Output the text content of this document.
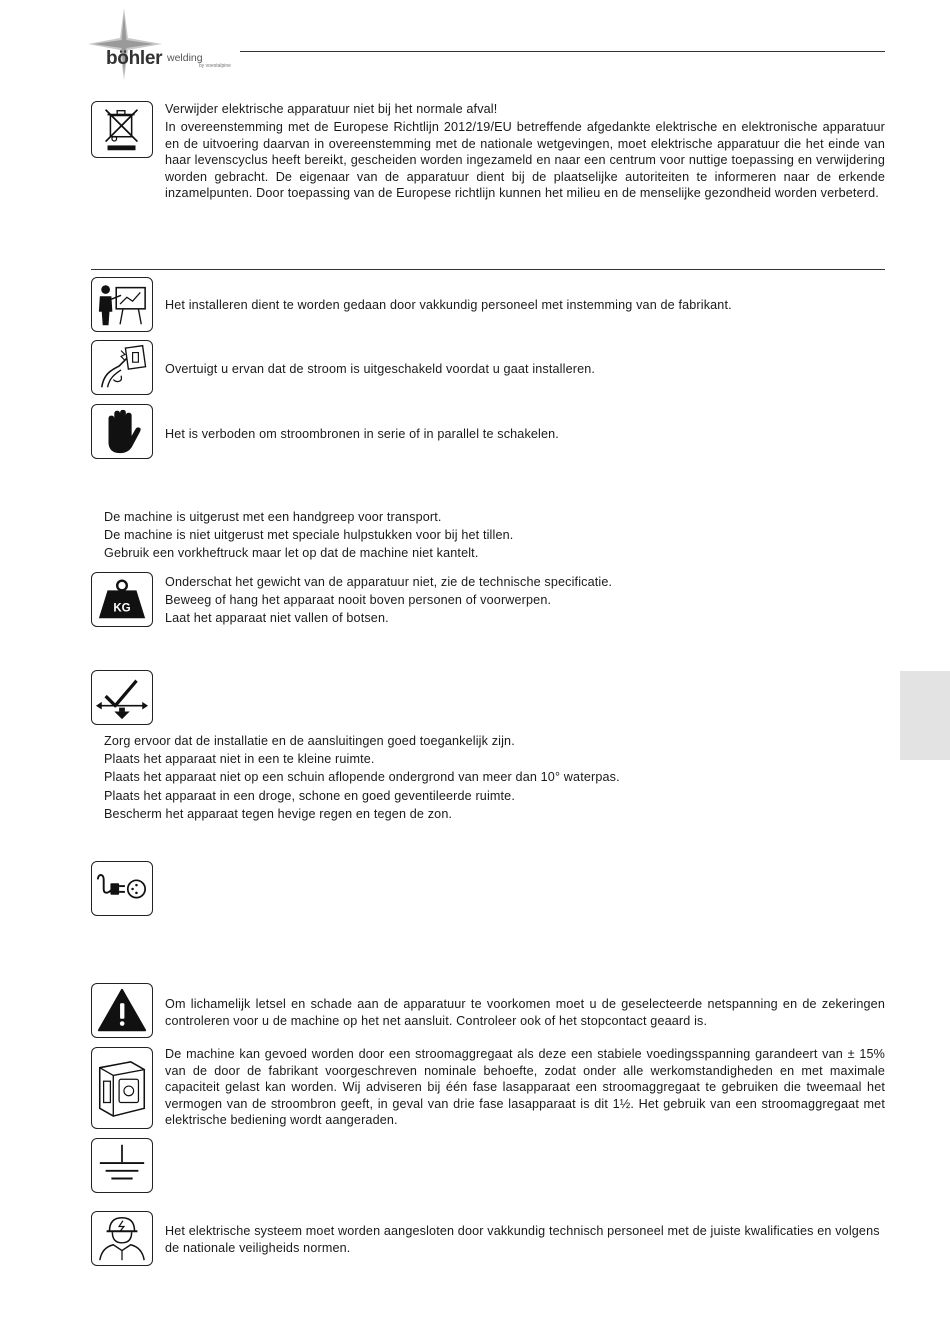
böhler welding
by voestalpine
Verwijder elektrische apparatuur niet bij het normale afval!
In overeenstemming met de Europese Richtlijn 2012/19/EU betreffende afgedankte elektrische en elektronische apparatuur en de uitvoering daarvan in overeenstemming met de nationale wetgevingen, moet elektrische apparatuur die het einde van haar levenscyclus heeft bereikt, gescheiden worden ingezameld en naar een centrum voor nuttige toepassing en verwijdering worden gebracht. De eigenaar van de apparatuur dient bij de plaatselijke autoriteiten te informeren naar de erkende inzamelpunten. Door toepassing van de Europese richtlijn kunnen het milieu en de menselijke gezondheid worden verbeterd.
Het installeren dient te worden gedaan door vakkundig personeel met instemming van de fabrikant.
Overtuigt u ervan dat de stroom is uitgeschakeld voordat u gaat installeren.
Het is verboden om stroombronen in serie of in parallel te schakelen.
De machine is uitgerust met een handgreep voor transport.
De machine is niet uitgerust met speciale hulpstukken voor bij het tillen.
Gebruik een vorkheftruck maar let op dat de machine niet kantelt.
KG
Onderschat het gewicht van de apparatuur niet, zie de technische specificatie.
Beweeg of hang het apparaat nooit boven personen of voorwerpen.
Laat het apparaat niet vallen of botsen.
Zorg ervoor dat de installatie en de aansluitingen goed toegankelijk zijn.
Plaats het apparaat niet in een te kleine ruimte.
Plaats het apparaat niet op een schuin aflopende ondergrond van meer dan 10° waterpas.
Plaats het apparaat in een droge, schone en goed geventileerde ruimte.
Bescherm het apparaat tegen hevige regen en tegen de zon.
Om lichamelijk letsel en schade aan de apparatuur te voorkomen moet u de geselecteerde netspanning en de zekeringen controleren voor u de machine op het net aansluit. Controleer ook of het stopcontact geaard is.
De machine kan gevoed worden door een stroomaggregaat als deze een stabiele voedingsspanning garandeert van ± 15% van de door de fabrikant voorgeschreven nominale behoefte, zodat onder alle werkomstandigheden en met maximale capaciteit gelast kan worden. Wij adviseren bij één fase lasapparaat een stroomaggregaat te gebruiken die tweemaal het vermogen van de stroombron geeft, in geval van drie fase lasapparaat is dit 1½. Het gebruik van een stroomaggregaat met elektrische bediening wordt aangeraden.
Het elektrische systeem moet worden aangesloten door vakkundig technisch personeel met de juiste kwalificaties en volgens de nationale veiligheids normen.
